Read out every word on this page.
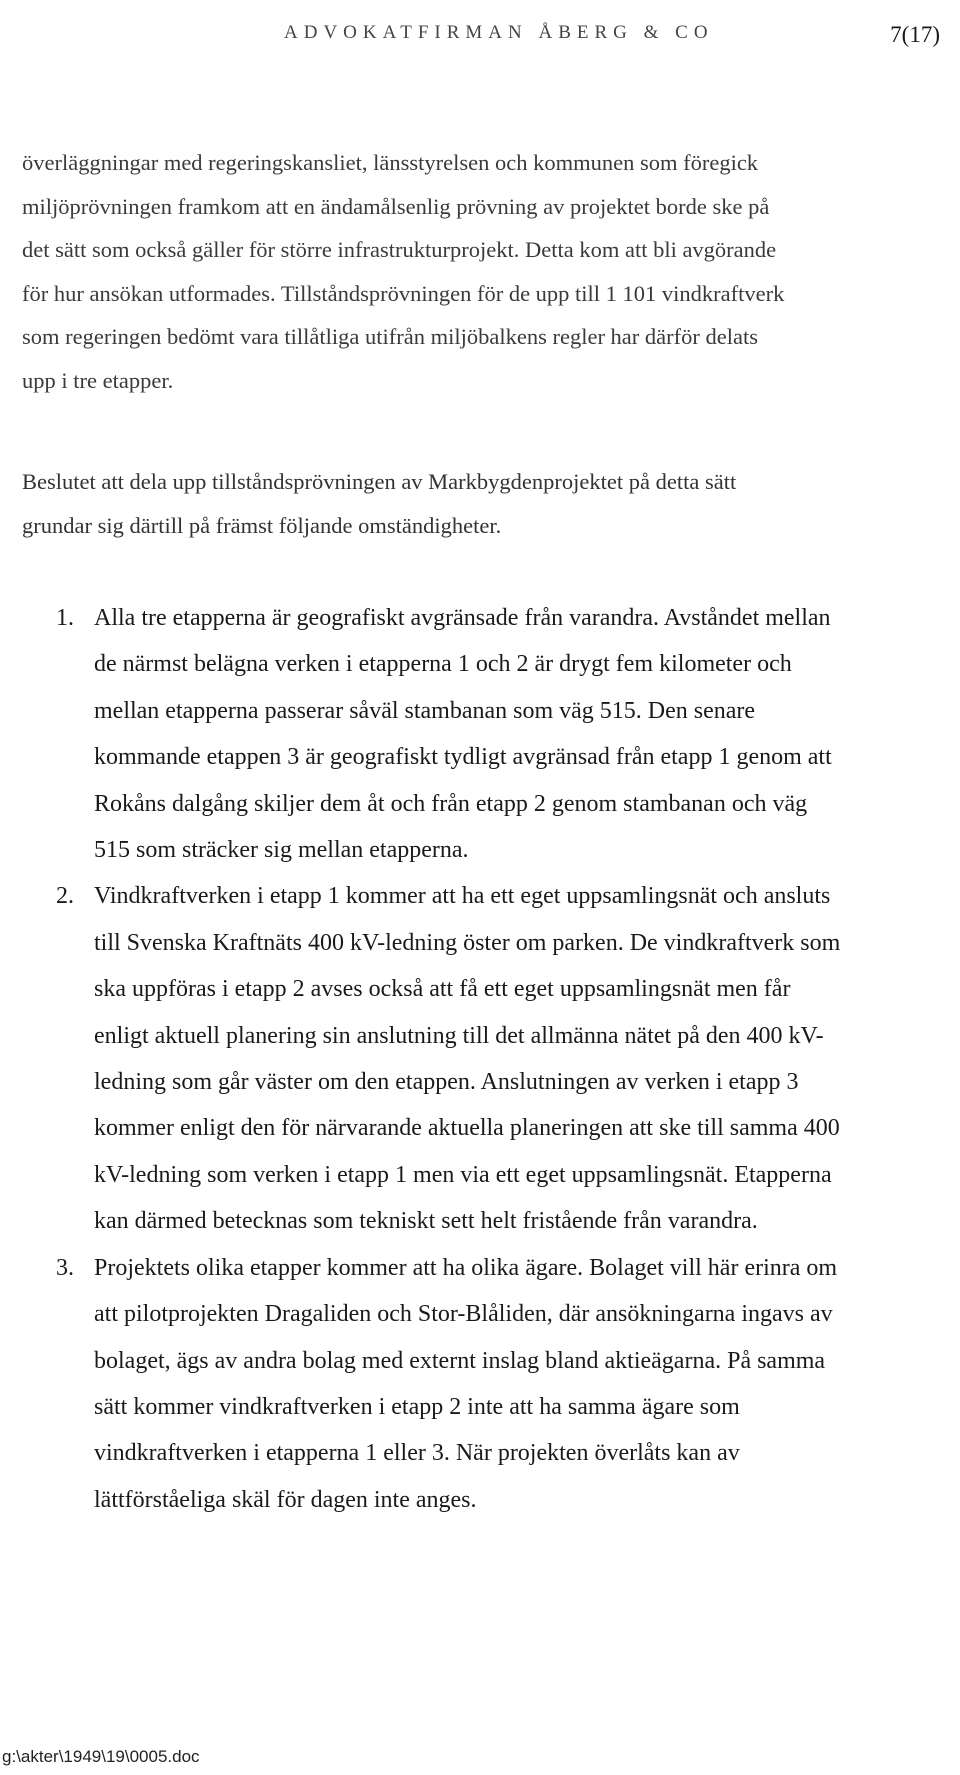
ADVOKATFIRMAN ÅBERG & CO	7(17)

överläggningar med regeringskansliet, länsstyrelsen och kommunen som föregick
miljöprövningen framkom att en ändamålsenlig prövning av projektet borde ske på
det sätt som också gäller för större infrastrukturprojekt. Detta kom att bli avgörande
för hur ansökan utformades. Tillståndsprövningen för de upp till 1 101 vindkraftverk
som regeringen bedömt vara tillåtliga utifrån miljöbalkens regler har därför delats
upp i tre etapper.

Beslutet att dela upp tillståndsprövningen av Markbygdenprojektet på detta sätt
grundar sig därtill på främst följande omständigheter.

1. Alla tre etapperna är geografiskt avgränsade från varandra. Avståndet mellan
de närmst belägna verken i etapperna 1 och 2 är drygt fem kilometer och
mellan etapperna passerar såväl stambanan som väg 515. Den senare
kommande etappen 3 är geografiskt tydligt avgränsad från etapp 1 genom att
Rokåns dalgång skiljer dem åt och från etapp 2 genom stambanan och väg
515 som sträcker sig mellan etapperna.
2. Vindkraftverken i etapp 1 kommer att ha ett eget uppsamlingsnät och ansluts
till Svenska Kraftnäts 400 kV-ledning öster om parken. De vindkraftverk som
ska uppföras i etapp 2 avses också att få ett eget uppsamlingsnät men får
enligt aktuell planering sin anslutning till det allmänna nätet på den 400 kV-
ledning som går väster om den etappen. Anslutningen av verken i etapp 3
kommer enligt den för närvarande aktuella planeringen att ske till samma 400
kV-ledning som verken i etapp 1 men via ett eget uppsamlingsnät. Etapperna
kan därmed betecknas som tekniskt sett helt fristående från varandra.
3. Projektets olika etapper kommer att ha olika ägare. Bolaget vill här erinra om
att pilotprojekten Dragaliden och Stor-Blåliden, där ansökningarna ingavs av
bolaget, ägs av andra bolag med externt inslag bland aktieägarna. På samma
sätt kommer vindkraftverken i etapp 2 inte att ha samma ägare som
vindkraftverken i etapperna 1 eller 3. När projekten överlåts kan av
lättförståeliga skäl för dagen inte anges.
g:\akter\1949\19\0005.doc
